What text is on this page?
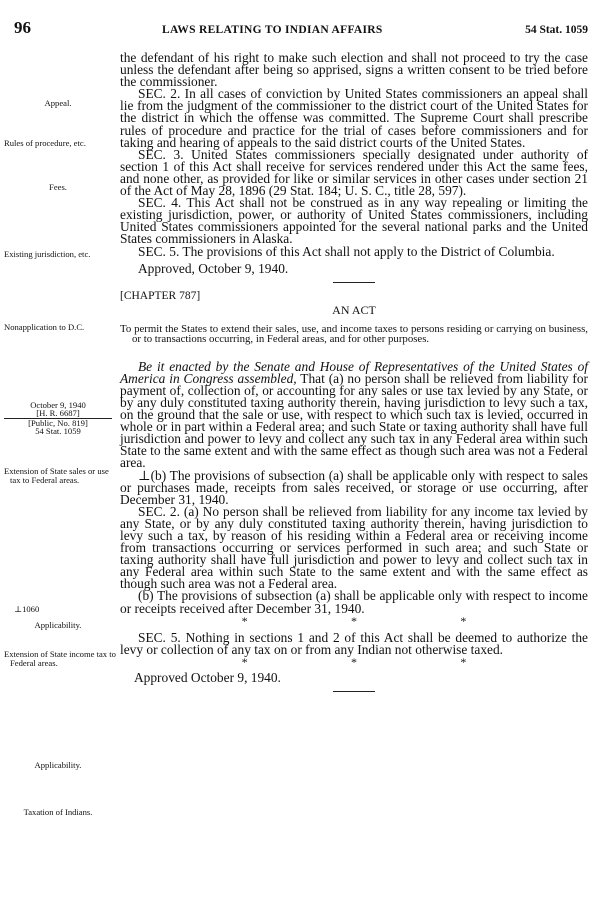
96	LAWS RELATING TO INDIAN AFFAIRS	54 Stat. 1059
Appeal.
Rules of procedure, etc.
Fees.
Existing jurisdiction, etc.
Nonapplication to D.C.
October 9, 1940
[H. R. 6687]
[Public, No. 819]
54 Stat. 1059
Extension of State sales or use tax to Federal areas.
⊥1060
Applicability.
Extension of State income tax to Federal areas.
Applicability.
Taxation of Indians.

the defendant of his right to make such election and shall not proceed to try the case unless the defendant after being so apprised, signs a written consent to be tried before the commissioner.

SEC. 2. In all cases of conviction by United States commissioners an appeal shall lie from the judgment of the commissioner to the district court of the United States for the district in which the offense was committed. The Supreme Court shall prescribe rules of procedure and practice for the trial of cases before commissioners and for taking and hearing of appeals to the said district courts of the United States.

SEC. 3. United States commissioners specially designated under authority of section 1 of this Act shall receive for services rendered under this Act the same fees, and none other, as provided for like or similar services in other cases under section 21 of the Act of May 28, 1896 (29 Stat. 184; U. S. C., title 28, 597).

SEC. 4. This Act shall not be construed as in any way repealing or limiting the existing jurisdiction, power, or authority of United States commissioners, including United States commissioners appointed for the several national parks and the United States commissioners in Alaska.

SEC. 5. The provisions of this Act shall not apply to the District of Columbia.

Approved, October 9, 1940.

[CHAPTER 787]

AN ACT

To permit the States to extend their sales, use, and income taxes to persons residing or carrying on business, or to transactions occurring, in Federal areas, and for other purposes.

Be it enacted by the Senate and House of Representatives of the United States of America in Congress assembled, That (a) no person shall be relieved from liability for payment of, collection of, or accounting for any sales or use tax levied by any State, or by any duly constituted taxing authority therein, having jurisdiction to levy such a tax, on the ground that the sale or use, with respect to which such tax is levied, occurred in whole or in part within a Federal area; and such State or taxing authority shall have full jurisdiction and power to levy and collect any such tax in any Federal area within such State to the same extent and with the same effect as though such area was not a Federal area.

⊥(b) The provisions of subsection (a) shall be applicable only with respect to sales or purchases made, receipts from sales received, or storage or use occurring, after December 31, 1940.

SEC. 2. (a) No person shall be relieved from liability for any income tax levied by any State, or by any duly constituted taxing authority therein, having jurisdiction to levy such a tax, by reason of his residing within a Federal area or receiving income from transactions occurring or services performed in such area; and such State or taxing authority shall have full jurisdiction and power to levy and collect such tax in any Federal area within such State to the same extent and with the same effect as though such area was not a Federal area.

(b) The provisions of subsection (a) shall be applicable only with respect to income or receipts received after December 31, 1940.

*	*	*

SEC. 5. Nothing in sections 1 and 2 of this Act shall be deemed to authorize the levy or collection of any tax on or from any Indian not otherwise taxed.

*	*	*

Approved October 9, 1940.
